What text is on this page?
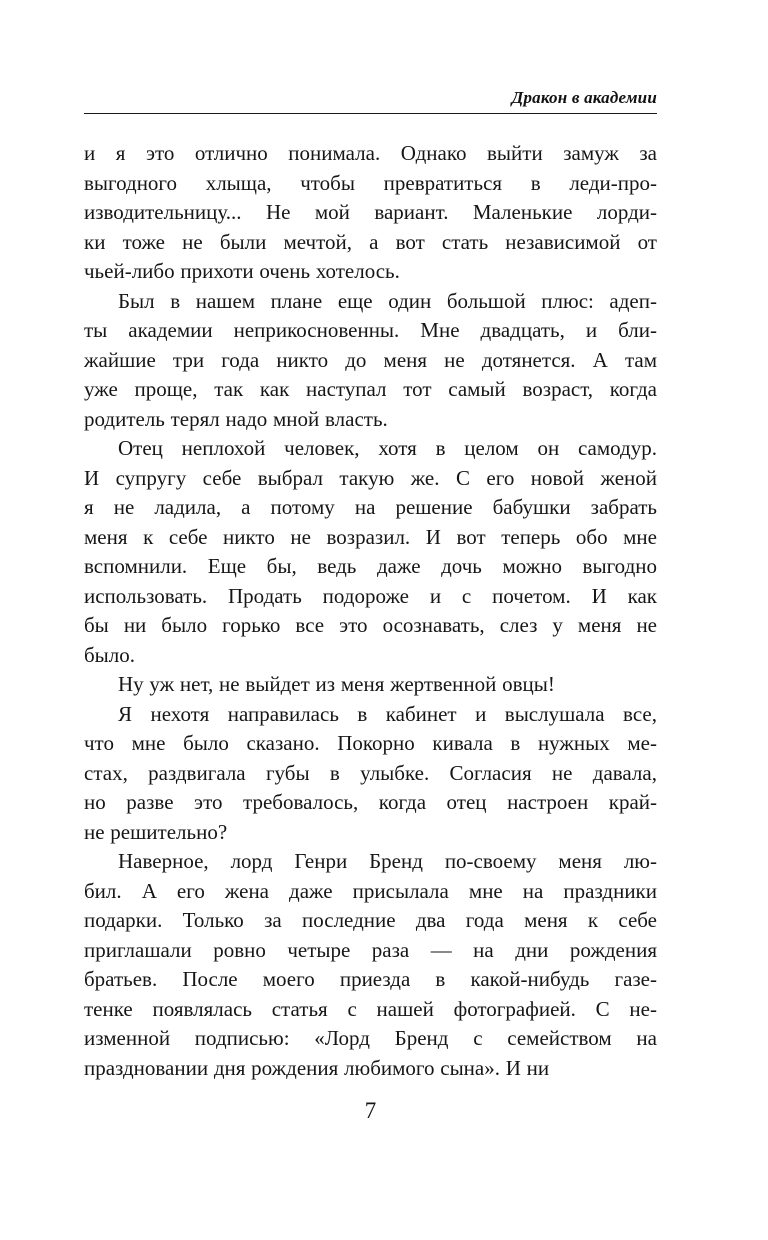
Дракон в академии
и я это отлично понимала. Однако выйти замуж за
выгодного хлыща, чтобы превратиться в леди-про-
изводительницу... Не мой вариант. Маленькие лорди-
ки тоже не были мечтой, а вот стать независимой от
чьей-либо прихоти очень хотелось.
Был в нашем плане еще один большой плюс: адеп-
ты академии неприкосновенны. Мне двадцать, и бли-
жайшие три года никто до меня не дотянется. А там
уже проще, так как наступал тот самый возраст, когда
родитель терял надо мной власть.
Отец неплохой человек, хотя в целом он самодур.
И супругу себе выбрал такую же. С его новой женой
я не ладила, а потому на решение бабушки забрать
меня к себе никто не возразил. И вот теперь обо мне
вспомнили. Еще бы, ведь даже дочь можно выгодно
использовать. Продать подороже и с почетом. И как
бы ни было горько все это осознавать, слез у меня не
было.
Ну уж нет, не выйдет из меня жертвенной овцы!
Я нехотя направилась в кабинет и выслушала все,
что мне было сказано. Покорно кивала в нужных ме-
стах, раздвигала губы в улыбке. Согласия не давала,
но разве это требовалось, когда отец настроен край-
не решительно?
Наверное, лорд Генри Бренд по-своему меня лю-
бил. А его жена даже присылала мне на праздники
подарки. Только за последние два года меня к себе
приглашали ровно четыре раза — на дни рождения
братьев. После моего приезда в какой-нибудь газе-
тенке появлялась статья с нашей фотографией. С не-
изменной подписью: «Лорд Бренд с семейством на
праздновании дня рождения любимого сына». И ни
7
